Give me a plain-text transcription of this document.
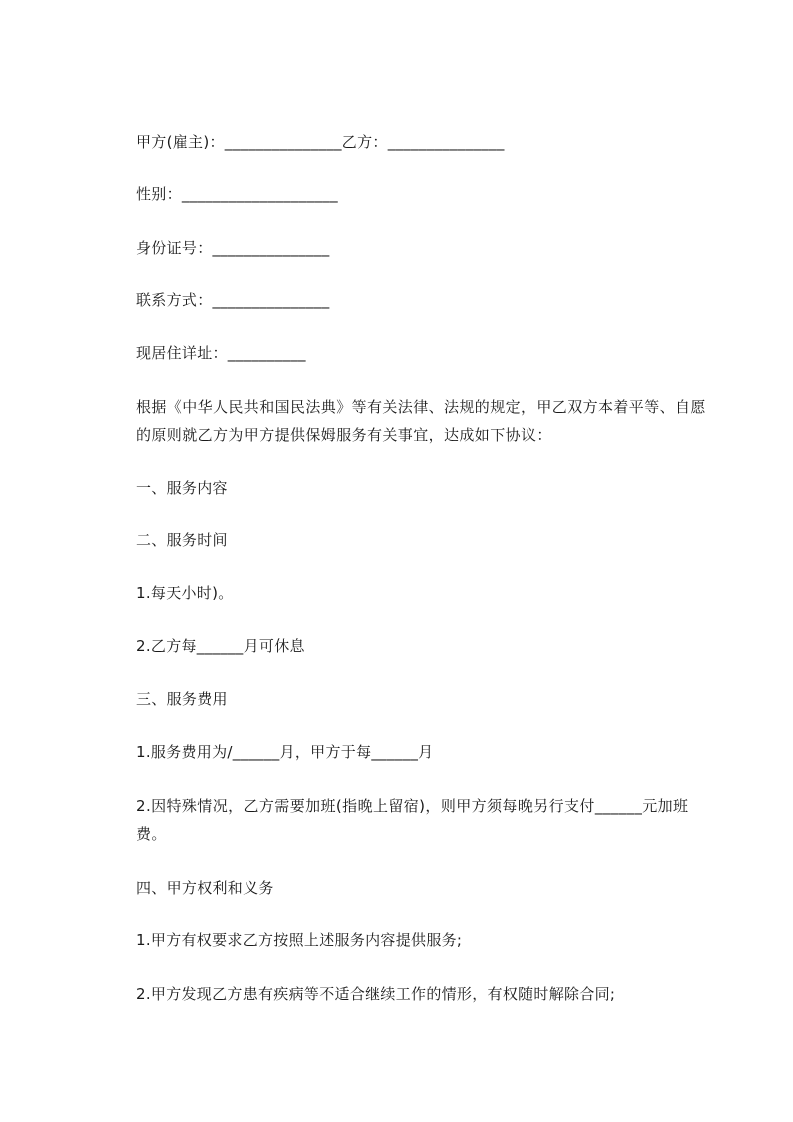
甲方(雇主)：_______________乙方：_______________
性别：____________________
身份证号：_______________
联系方式：_______________
现居住详址：__________
根据《中华人民共和国民法典》等有关法律、法规的规定，甲乙双方本着平等、自愿的原则就乙方为甲方提供保姆服务有关事宜，达成如下协议：
一、服务内容
二、服务时间
1.每天小时)。
2.乙方每______月可休息
三、服务费用
1.服务费用为/______月，甲方于每______月
2.因特殊情况，乙方需要加班(指晚上留宿)，则甲方须每晚另行支付______元加班费。
四、甲方权利和义务
1.甲方有权要求乙方按照上述服务内容提供服务;
2.甲方发现乙方患有疾病等不适合继续工作的情形，有权随时解除合同;
